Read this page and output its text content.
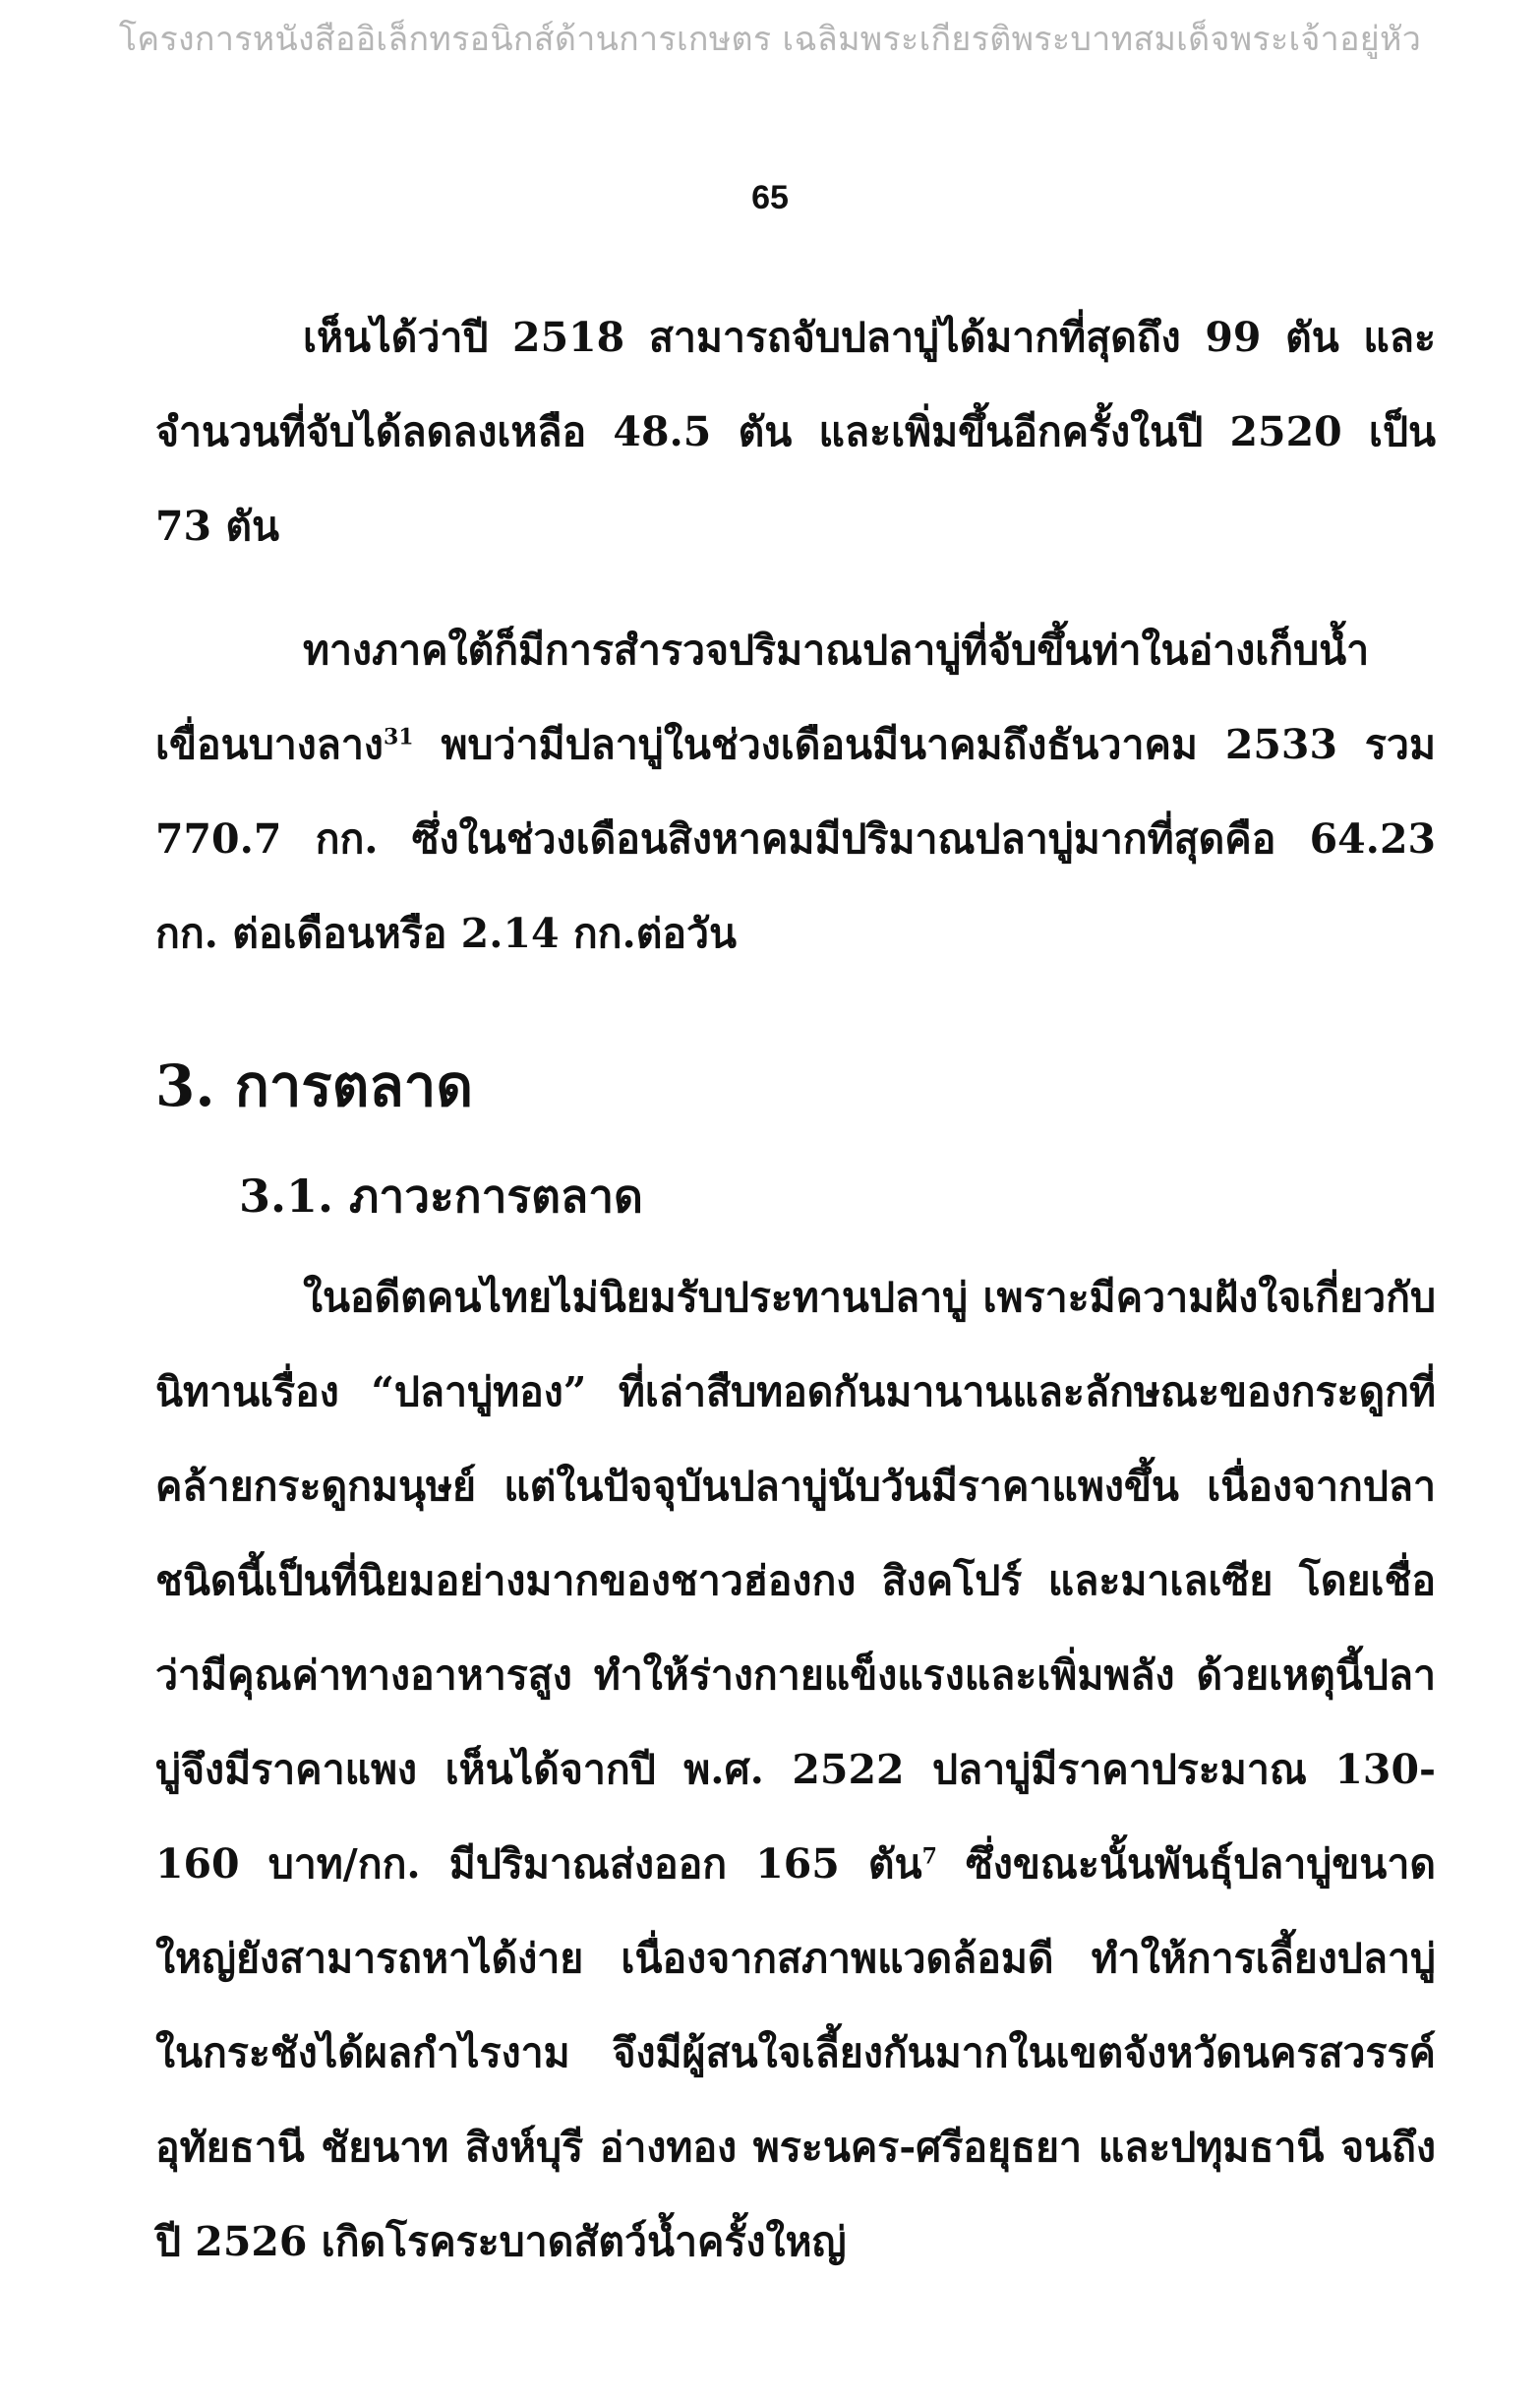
โครงการหนังสืออิเล็กทรอนิกส์ด้านการเกษตร เฉลิมพระเกียรติพระบาทสมเด็จพระเจ้าอยู่หัว
65

เห็นได้ว่าปี 2518 สามารถจับปลาบู่ได้มากที่สุดถึง 99 ตัน และจำนวนที่จับได้ลดลงเหลือ 48.5 ตัน และเพิ่มขึ้นอีกครั้งในปี 2520 เป็น 73 ตัน

ทางภาคใต้ก็มีการสำรวจปริมาณปลาบู่ที่จับขึ้นท่าในอ่างเก็บน้ำเขื่อนบางลาง$^{31}$ พบว่ามีปลาบู่ในช่วงเดือนมีนาคมถึงธันวาคม 2533 รวม 770.7 กก. ซึ่งในช่วงเดือนสิงหาคมมีปริมาณปลาบู่มากที่สุดคือ 64.23 กก. ต่อเดือนหรือ 2.14 กก.ต่อวัน

3. การตลาด
3.1. ภาวะการตลาด

ในอดีตคนไทยไม่นิยมรับประทานปลาบู่ เพราะมีความฝังใจเกี่ยวกับนิทานเรื่อง “ปลาบู่ทอง” ที่เล่าสืบทอดกันมานานและลักษณะของกระดูกที่คล้ายกระดูกมนุษย์ แต่ในปัจจุบันปลาบู่นับวันมีราคาแพงขึ้น เนื่องจากปลาชนิดนี้เป็นที่นิยมอย่างมากของชาวฮ่องกง สิงคโปร์ และมาเลเซีย โดยเชื่อว่ามีคุณค่าทางอาหารสูง ทำให้ร่างกายแข็งแรงและเพิ่มพลัง ด้วยเหตุนี้ปลาบู่จึงมีราคาแพง เห็นได้จากปี พ.ศ. 2522 ปลาบู่มีราคาประมาณ 130-160 บาท/กก. มีปริมาณส่งออก 165 ตัน$^7$ ซึ่งขณะนั้นพันธุ์ปลาบู่ขนาดใหญ่ยังสามารถหาได้ง่าย เนื่องจากสภาพแวดล้อมดี ทำให้การเลี้ยงปลาบู่ในกระชังได้ผลกำไรงาม จึงมีผู้สนใจเลี้ยงกันมากในเขตจังหวัดนครสวรรค์ อุทัยธานี ชัยนาท สิงห์บุรี อ่างทอง พระนคร-ศรีอยุธยา และปทุมธานี จนถึงปี 2526 เกิดโรคระบาดสัตว์น้ำครั้งใหญ่
